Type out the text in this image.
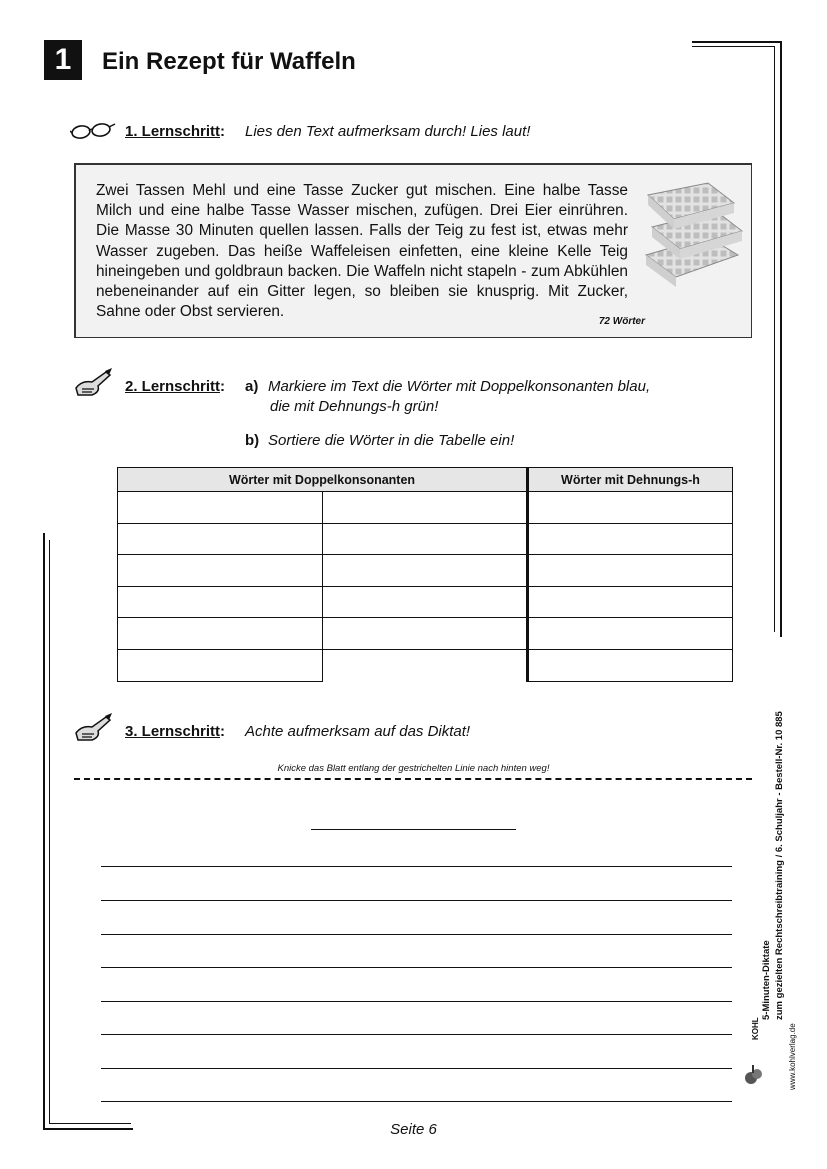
1	Ein Rezept für Waffeln
1. Lernschritt: Lies den Text aufmerksam durch! Lies laut!

Zwei Tassen Mehl und eine Tasse Zucker gut mischen. Eine halbe Tasse Milch und eine halbe Tasse Wasser mischen, zufügen. Drei Eier einrühren. Die Masse 30 Minuten quellen lassen. Falls der Teig zu fest ist, etwas mehr Wasser zugeben. Das heiße Waffeleisen einfetten, eine kleine Kelle Teig hineingeben und goldbraun backen. Die Waffeln nicht stapeln - zum Abkühlen nebeneinander auf ein Gitter legen, so bleiben sie knusprig. Mit Zucker, Sahne oder Obst servieren.

72 Wörter
2. Lernschritt: a) Markiere im Text die Wörter mit Doppelkonsonanten blau,
die mit Dehnungs-h grün!
b) Sortiere die Wörter in die Tabelle ein!
Wörter mit Doppelkonsonanten		Wörter mit Dehnungs-h

3. Lernschritt: Achte aufmerksam auf das Diktat!
Knicke das Blatt entlang der gestrichelten Linie nach hinten weg!
5-Minuten-Diktate zum gezielten Rechtschreibtraining / 6. Schuljahr - Bestell-Nr. 10 885
www.kohlverlag.de
KOHL
Seite 6
